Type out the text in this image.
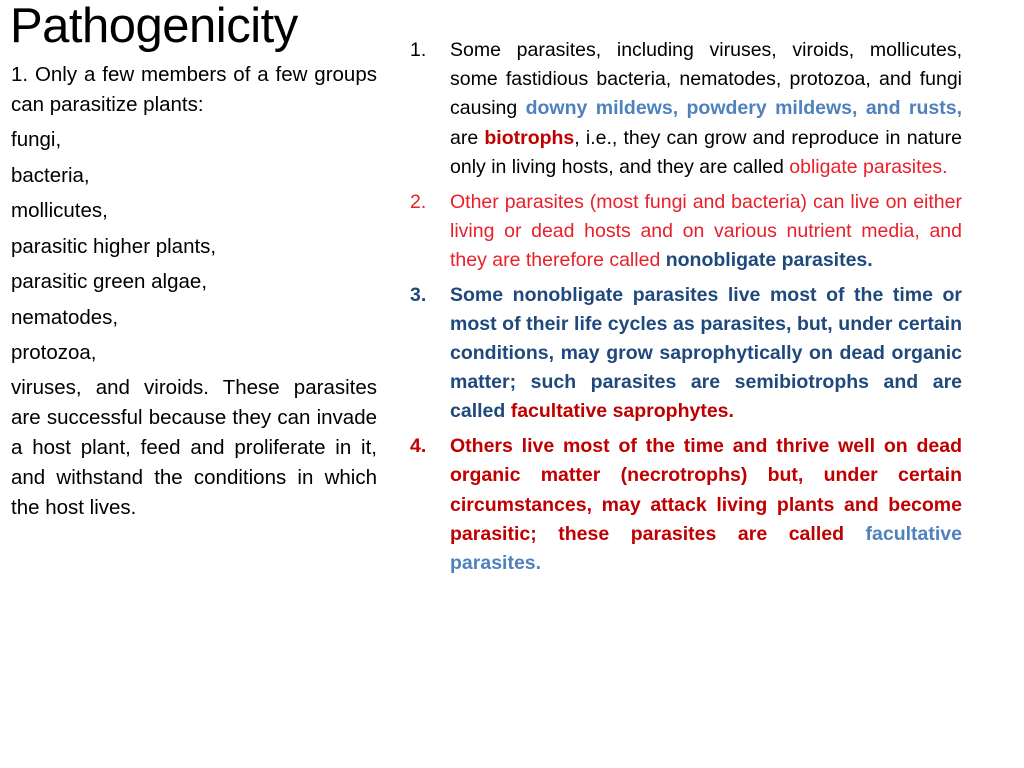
Pathogenicity

1. Only a few members of a few groups can parasitize plants:

fungi,

bacteria,

mollicutes,

parasitic higher plants,

parasitic green algae,

nematodes,

protozoa,

viruses, and viroids. These parasites are successful because they can invade a host plant, feed and proliferate in it, and withstand the conditions in which the host lives.

1. Some parasites, including viruses, viroids, mollicutes, some fastidious bacteria, nematodes, protozoa, and fungi causing downy mildews, powdery mildews, and rusts, are biotrophs, i.e., they can grow and reproduce in nature only in living hosts, and they are called obligate parasites.

2. Other parasites (most fungi and bacteria) can live on either living or dead hosts and on various nutrient media, and they are therefore called nonobligate parasites.

3. Some nonobligate parasites live most of the time or most of their life cycles as parasites, but, under certain conditions, may grow saprophytically on dead organic matter; such parasites are semibiotrophs and are called facultative saprophytes.

4. Others live most of the time and thrive well on dead organic matter (necrotrophs) but, under certain circumstances, may attack living plants and become parasitic; these parasites are called facultative parasites.
